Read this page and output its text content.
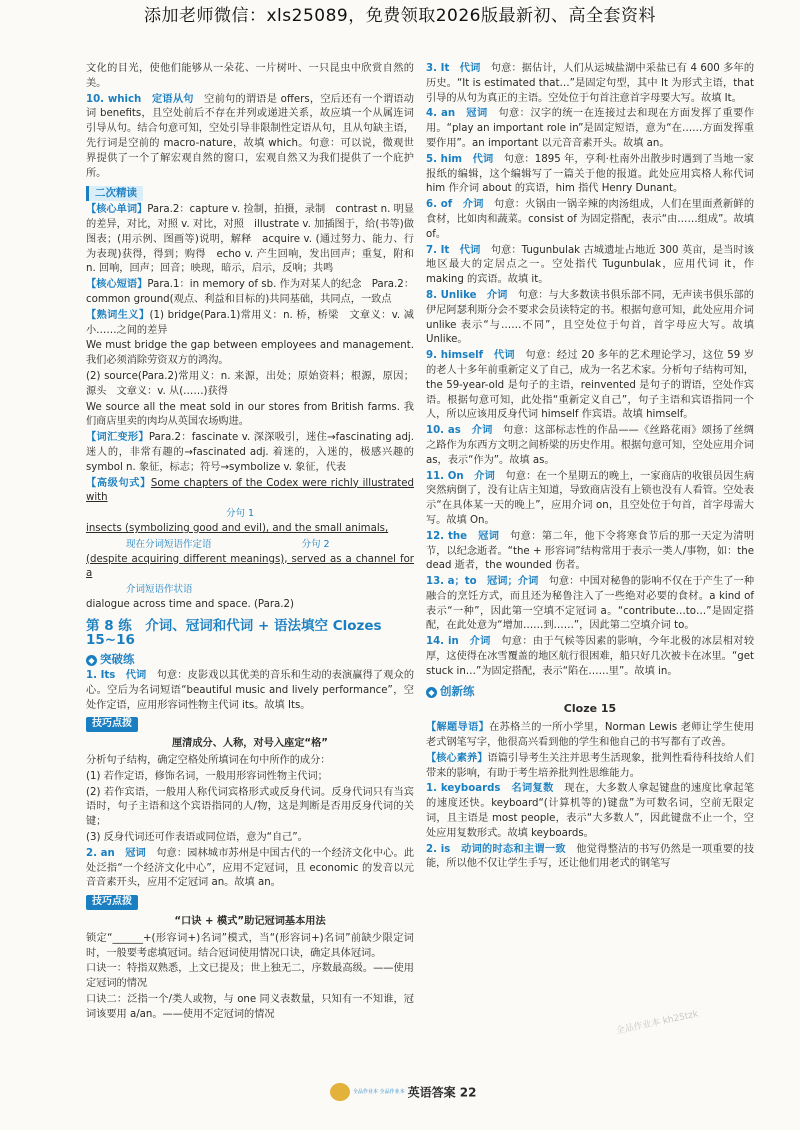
添加老师微信：xls25089，免费领取2026版最新初、高全套资料

文化的目光，使他们能够从一朵花、一片树叶、一只昆虫中欣赏自然的美。

10. which　定语从句　 空前句的谓语是 offers，空后还有一个谓语动词 benefits，且空处前后不存在并列或递进关系，故应填一个从属连词引导从句。结合句意可知，空处引导非限制性定语从句，且从句缺主语，先行词是空前的 macro-nature，故填 which。句意：可以说，微观世界提供了一个了解宏观自然的窗口，宏观自然又为我们提供了一个庇护所。

二次精读

【核心单词】Para.2：capture v. 捡制，拍摄，录制　contrast n. 明显的差异，对比，对照 v. 对比，对照　illustrate v. 加插图于，给(书等)做图表；(用示例、图画等)说明，解释　acquire v. (通过努力、能力、行为表现)获得，得到；购得　echo v. 产生回响，发出回声；重复，附和 n. 回响，回声；回音；映现，暗示，启示，反响；共鸣

【核心短语】Para.1：in memory of sb. 作为对某人的纪念　Para.2：common ground(观点、利益和目标的)共同基础，共同点，一致点

【熟词生义】(1) bridge(Para.1)常用义：n. 桥，桥梁　文章义：v. 减小……之间的差异

We must bridge the gap between employees and management. 我们必须消除劳资双方的鸿沟。

(2) source(Para.2)常用义：n. 来源，出处；原始资料；根源，原因；源头　文章义：v. 从(……)获得

We source all the meat sold in our stores from British farms. 我们商店里卖的肉均从英国农场购进。

【词汇变形】Para.2：fascinate v. 深深吸引，迷住→fascinating adj. 迷人的，非常有趣的→fascinated adj. 着迷的，入迷的，极感兴趣的　symbol n. 象征，标志；符号→symbolize v. 象征，代表

【高级句式】Some chapters of the Codex were richly illustrated with

分句 1

insects (symbolizing good and evil), and the small animals,

现在分词短语作定语	分句 2

(despite acquiring different meanings), served as a channel for a

介词短语作状语

dialogue across time and space. (Para.2)

第 8 练　介词、冠词和代词 + 语法填空 Clozes 15~16
◆ 突破练

1. Its　代词　 句意：皮影戏以其优美的音乐和生动的表演赢得了观众的心。空后为名词短语“beautiful music and lively performance”，空处作定语，应用形容词性物主代词 its。故填 Its。

技巧点拨
厘清成分、人称，对号入座定“格”

分析句子结构，确定空格处所填词在句中所作的成分：

(1) 若作定语，修饰名词，一般用形容词性物主代词；

(2) 若作宾语，一般用人称代词宾格形式或反身代词。反身代词只有当宾语时，句子主语和这个宾语指同的人/物，这是判断是否用反身代词的关键；

(3) 反身代词还可作表语或同位语，意为“自己”。

2. an　冠词　 句意：园林城市苏州是中国古代的一个经济文化中心。此处泛指“一个经济文化中心”，应用不定冠词，且 economic 的发音以元音音素开头，应用不定冠词 an。故填 an。

技巧点拨
“口诀 + 模式”助记冠词基本用法

锁定“______+(形容词+)名词”模式，当“(形容词+)名词”前缺少限定词时，一般要考虑填冠词。结合冠词使用情况口诀，确定具体冠词。

口诀一：特指双熟悉，上文已提及；世上独无二，序数最高级。——使用定冠词的情况

口诀二：泛指一个/类人或物，与 one 同义表数量，只知有一不知谁，冠词该要用 a/an。——使用不定冠词的情况

3. It　代词　 句意：据估计，人们从运城盐湖中采盐已有 4 600 多年的历史。“It is estimated that…”是固定句型，其中 It 为形式主语，that 引导的从句为真正的主语。空处位于句首注意首字母要大写。故填 It。

4. an　冠词　 句意：汉字的统一在连接过去和现在方面发挥了重要作用。“play an important role in”是固定短语，意为“在……方面发挥重要作用”。an important 以元音音素开头。故填 an。

5. him　代词　 句意：1895 年，亨利·杜南外出散步时遇到了当地一家报纸的编辑，这个编辑写了一篇关于他的报道。此处应用宾格人称代词 him 作介词 about 的宾语，him 指代 Henry Dunant。

6. of　介词　 句意：火锅由一锅辛辣的肉汤组成，人们在里面煮新鲜的食材，比如肉和蔬菜。consist of 为固定搭配，表示“由……组成”。故填 of。

7. It　代词　 句意：Tugunbulak 古城遗址占地近 300 英亩，是当时该地区最大的定居点之一。空处指代 Tugunbulak，应用代词 it，作 making 的宾语。故填 it。

8. Unlike　介词　 句意：与大多数读书俱乐部不同，无声读书俱乐部的伊尼阿瑟利斯分会不要求会员读特定的书。根据句意可知，此处应用介词 unlike 表示“与……不同”，且空处位于句首，首字母应大写。故填 Unlike。

9. himself　代词　 句意：经过 20 多年的艺术理论学习，这位 59 岁的老人十多年前重新定义了自己，成为一名艺术家。分析句子结构可知，the 59-year-old 是句子的主语，reinvented 是句子的谓语，空处作宾语。根据句意可知，此处指“重新定义自己”，句子主语和宾语指同一个人，所以应该用反身代词 himself 作宾语。故填 himself。

10. as　介词　 句意：这部标志性的作品——《丝路花雨》颂扬了丝绸之路作为东西方文明之间桥梁的历史作用。根据句意可知，空处应用介词 as，表示“作为”。故填 as。

11. On　介词　 句意：在一个星期五的晚上，一家商店的收银员因生病突然病倒了，没有让店主知道，导致商店没有上锁也没有人看管。空处表示“在具体某一天的晚上”，应用介词 on，且空处位于句首，首字母需大写。故填 On。

12. the　冠词　 句意：第二年，他下令将寒食节后的那一天定为清明节，以纪念逝者。“the + 形容词”结构常用于表示一类人/事物，如：the dead 逝者，the wounded 伤者。

13. a；to　冠词；介词　 句意：中国对秘鲁的影响不仅在于产生了一种融合的烹饪方式，而且还为秘鲁注入了一些绝对必要的食材。a kind of 表示“一种”，因此第一空填不定冠词 a。“contribute…to…”是固定搭配，在此处意为“增加……到……”，因此第二空填介词 to。

14. in　介词　 句意：由于气候等因素的影响，今年北极的冰层相对较厚，这使得在冰雪覆盖的地区航行很困难，船只好几次被卡在冰里。“get stuck in…”为固定搭配，表示“陷在……里”。故填 in。

◆ 创新练
Cloze 15

【解题导语】在苏格兰的一所小学里，Norman Lewis 老师让学生使用老式钢笔写字，他很高兴看到他的学生和他自己的书写都有了改善。

【核心素养】语篇引导考生关注并思考生活现象，批判性看待科技给人们带来的影响，有助于考生培养批判性思维能力。

1. keyboards　名词复数　 现在，大多数人拿起键盘的速度比拿起笔的速度还快。keyboard“(计算机等的)键盘”为可数名词，空前无限定词，且主语是 most people，表示“大多数人”，因此键盘不止一个，空处应用复数形式。故填 keyboards。

2. is　动词的时态和主谓一致　 他觉得整洁的书写仍然是一项重要的技能，所以他不仅让学生手写，还让他们用老式的钢笔写

全品作业本 kh25tzk
全品作业本 全品作业本 英语答案 22
